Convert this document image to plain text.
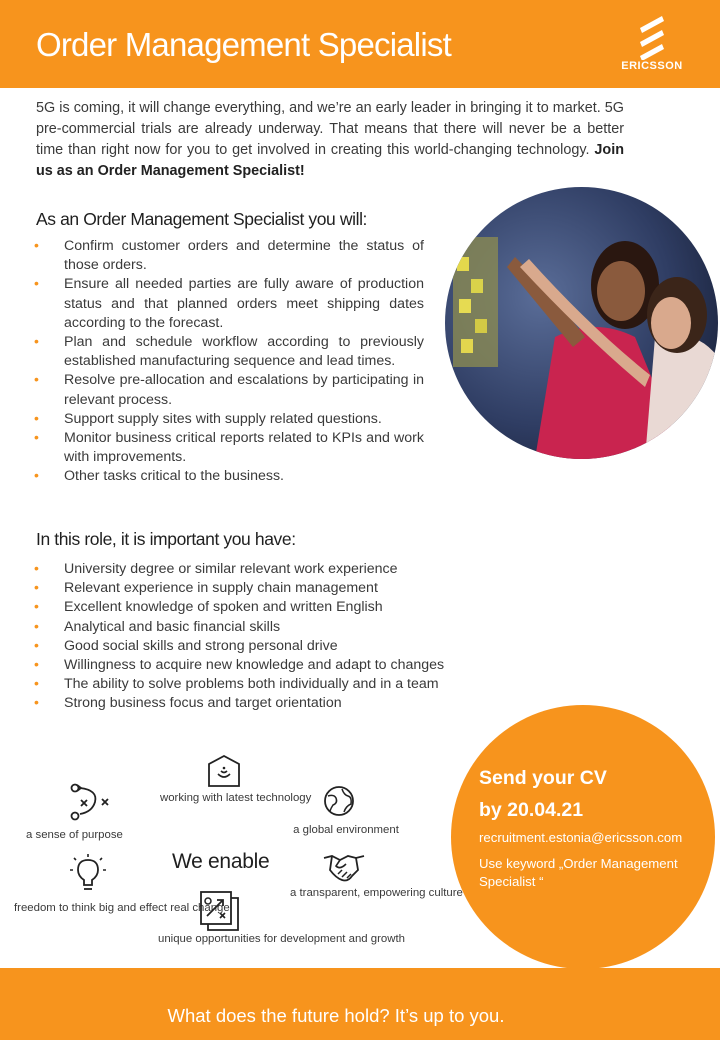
Order Management Specialist
ERICSSON

5G is coming, it will change everything, and we’re an early leader in bringing it to market. 5G pre-commercial trials are already underway. That means that there will never be a better time than right now for you to get involved in creating this world-changing technology. Join us as an Order Management Specialist!

As an Order Management Specialist you will:
• Confirm customer orders and determine the status of those orders.
• Ensure all needed parties are fully aware of production status and that planned orders meet shipping dates according to the forecast.
• Plan and schedule workflow according to previously established manufacturing sequence and lead times.
• Resolve pre-allocation and escalations by participating in relevant process.
• Support supply sites with supply related questions.
• Monitor business critical reports related to KPIs and work with improvements.
• Other tasks critical to the business.
In this role, it is important you have:
• University degree or similar relevant work experience
• Relevant experience in supply chain management
• Excellent knowledge of spoken and written English
• Analytical and basic financial skills
• Good social skills and strong personal drive
• Willingness to acquire new knowledge and adapt to changes
• The ability to solve problems both individually and in a team
• Strong business focus and target orientation
a sense of purpose
working with latest technology
a global environment
freedom to think big and effect real change
We enable
a transparent, empowering culture
unique opportunities for development and growth
Send your CV
by 20.04.21
recruitment.estonia@ericsson.com
Use keyword „Order Management Specialist “
What does the future hold? It’s up to you.
